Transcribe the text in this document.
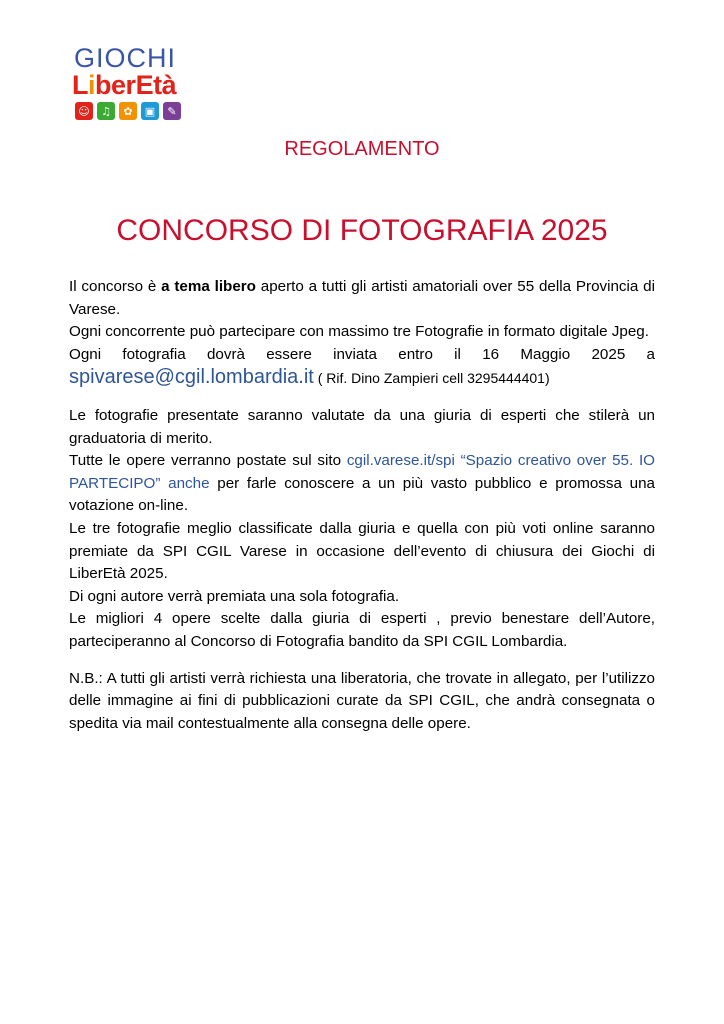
GIOCHI
LiberEtà
☺	♫	✿	▣	✎
REGOLAMENTO
CONCORSO DI FOTOGRAFIA 2025

Il concorso è a tema libero aperto a tutti gli artisti amatoriali over 55 della Provincia di Varese.

Ogni concorrente può partecipare con massimo tre Fotografie in formato digitale Jpeg.

Ogni fotografia dovrà essere inviata entro il 16 Maggio 2025 a

spivarese@cgil.lombardia.it ( Rif. Dino Zampieri cell 3295444401)

Le fotografie presentate saranno valutate da una giuria di esperti che stilerà un graduatoria di merito.

Tutte le opere verranno postate sul sito cgil.varese.it/spi “Spazio creativo over 55. IO PARTECIPO” anche per farle conoscere a un più vasto pubblico e promossa una votazione on-line.

Le tre fotografie meglio classificate dalla giuria e quella con più voti online saranno premiate da SPI CGIL Varese in occasione dell’evento di chiusura dei Giochi di LiberEtà 2025.

Di ogni autore verrà premiata una sola fotografia.

Le migliori 4 opere scelte dalla giuria di esperti , previo benestare dell’Autore, parteciperanno al Concorso di Fotografia bandito da SPI CGIL Lombardia.

N.B.: A tutti gli artisti verrà richiesta una liberatoria, che trovate in allegato, per l’utilizzo delle immagine ai fini di pubblicazioni curate da SPI CGIL, che andrà consegnata o spedita via mail contestualmente alla consegna delle opere.
